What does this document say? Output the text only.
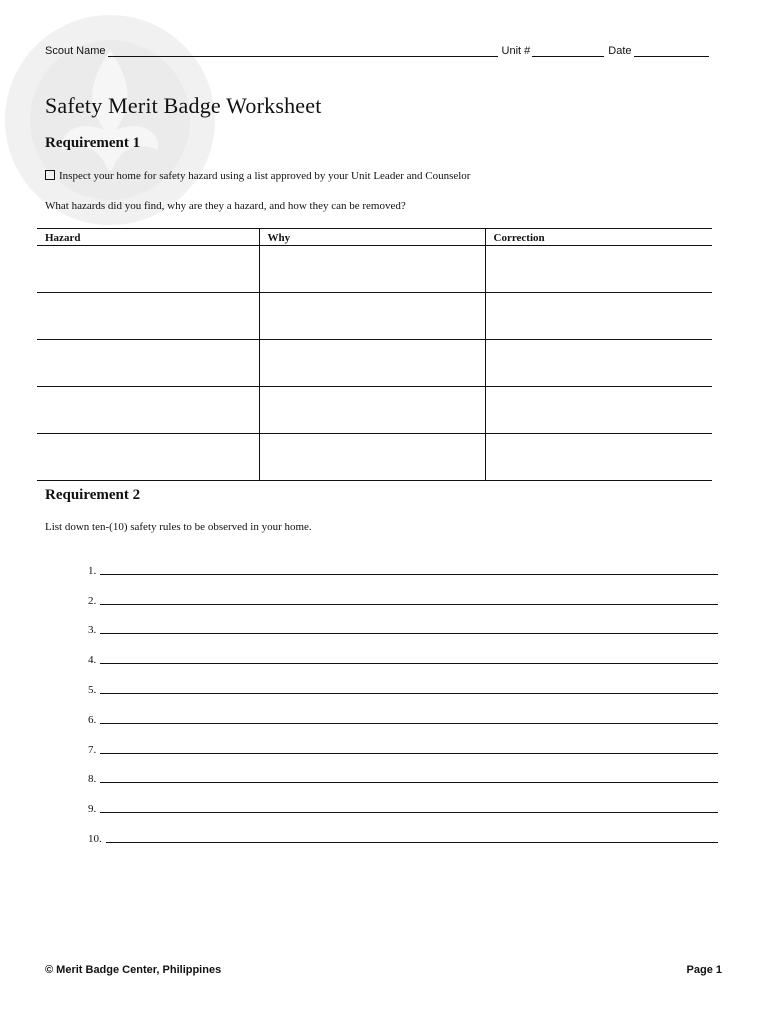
Scout Name	Unit #	Date
Safety Merit Badge Worksheet
Requirement 1
Inspect your home for safety hazard using a list approved by your Unit Leader and Counselor
What hazards did you find, why are they a hazard, and how they can be removed?
Hazard	Why	Correction

Requirement 2
List down ten-(10) safety rules to be observed in your home.
1.
2.
3.
4.
5.
6.
7.
8.
9.
10.
© Merit Badge Center, Philippines	Page 1
